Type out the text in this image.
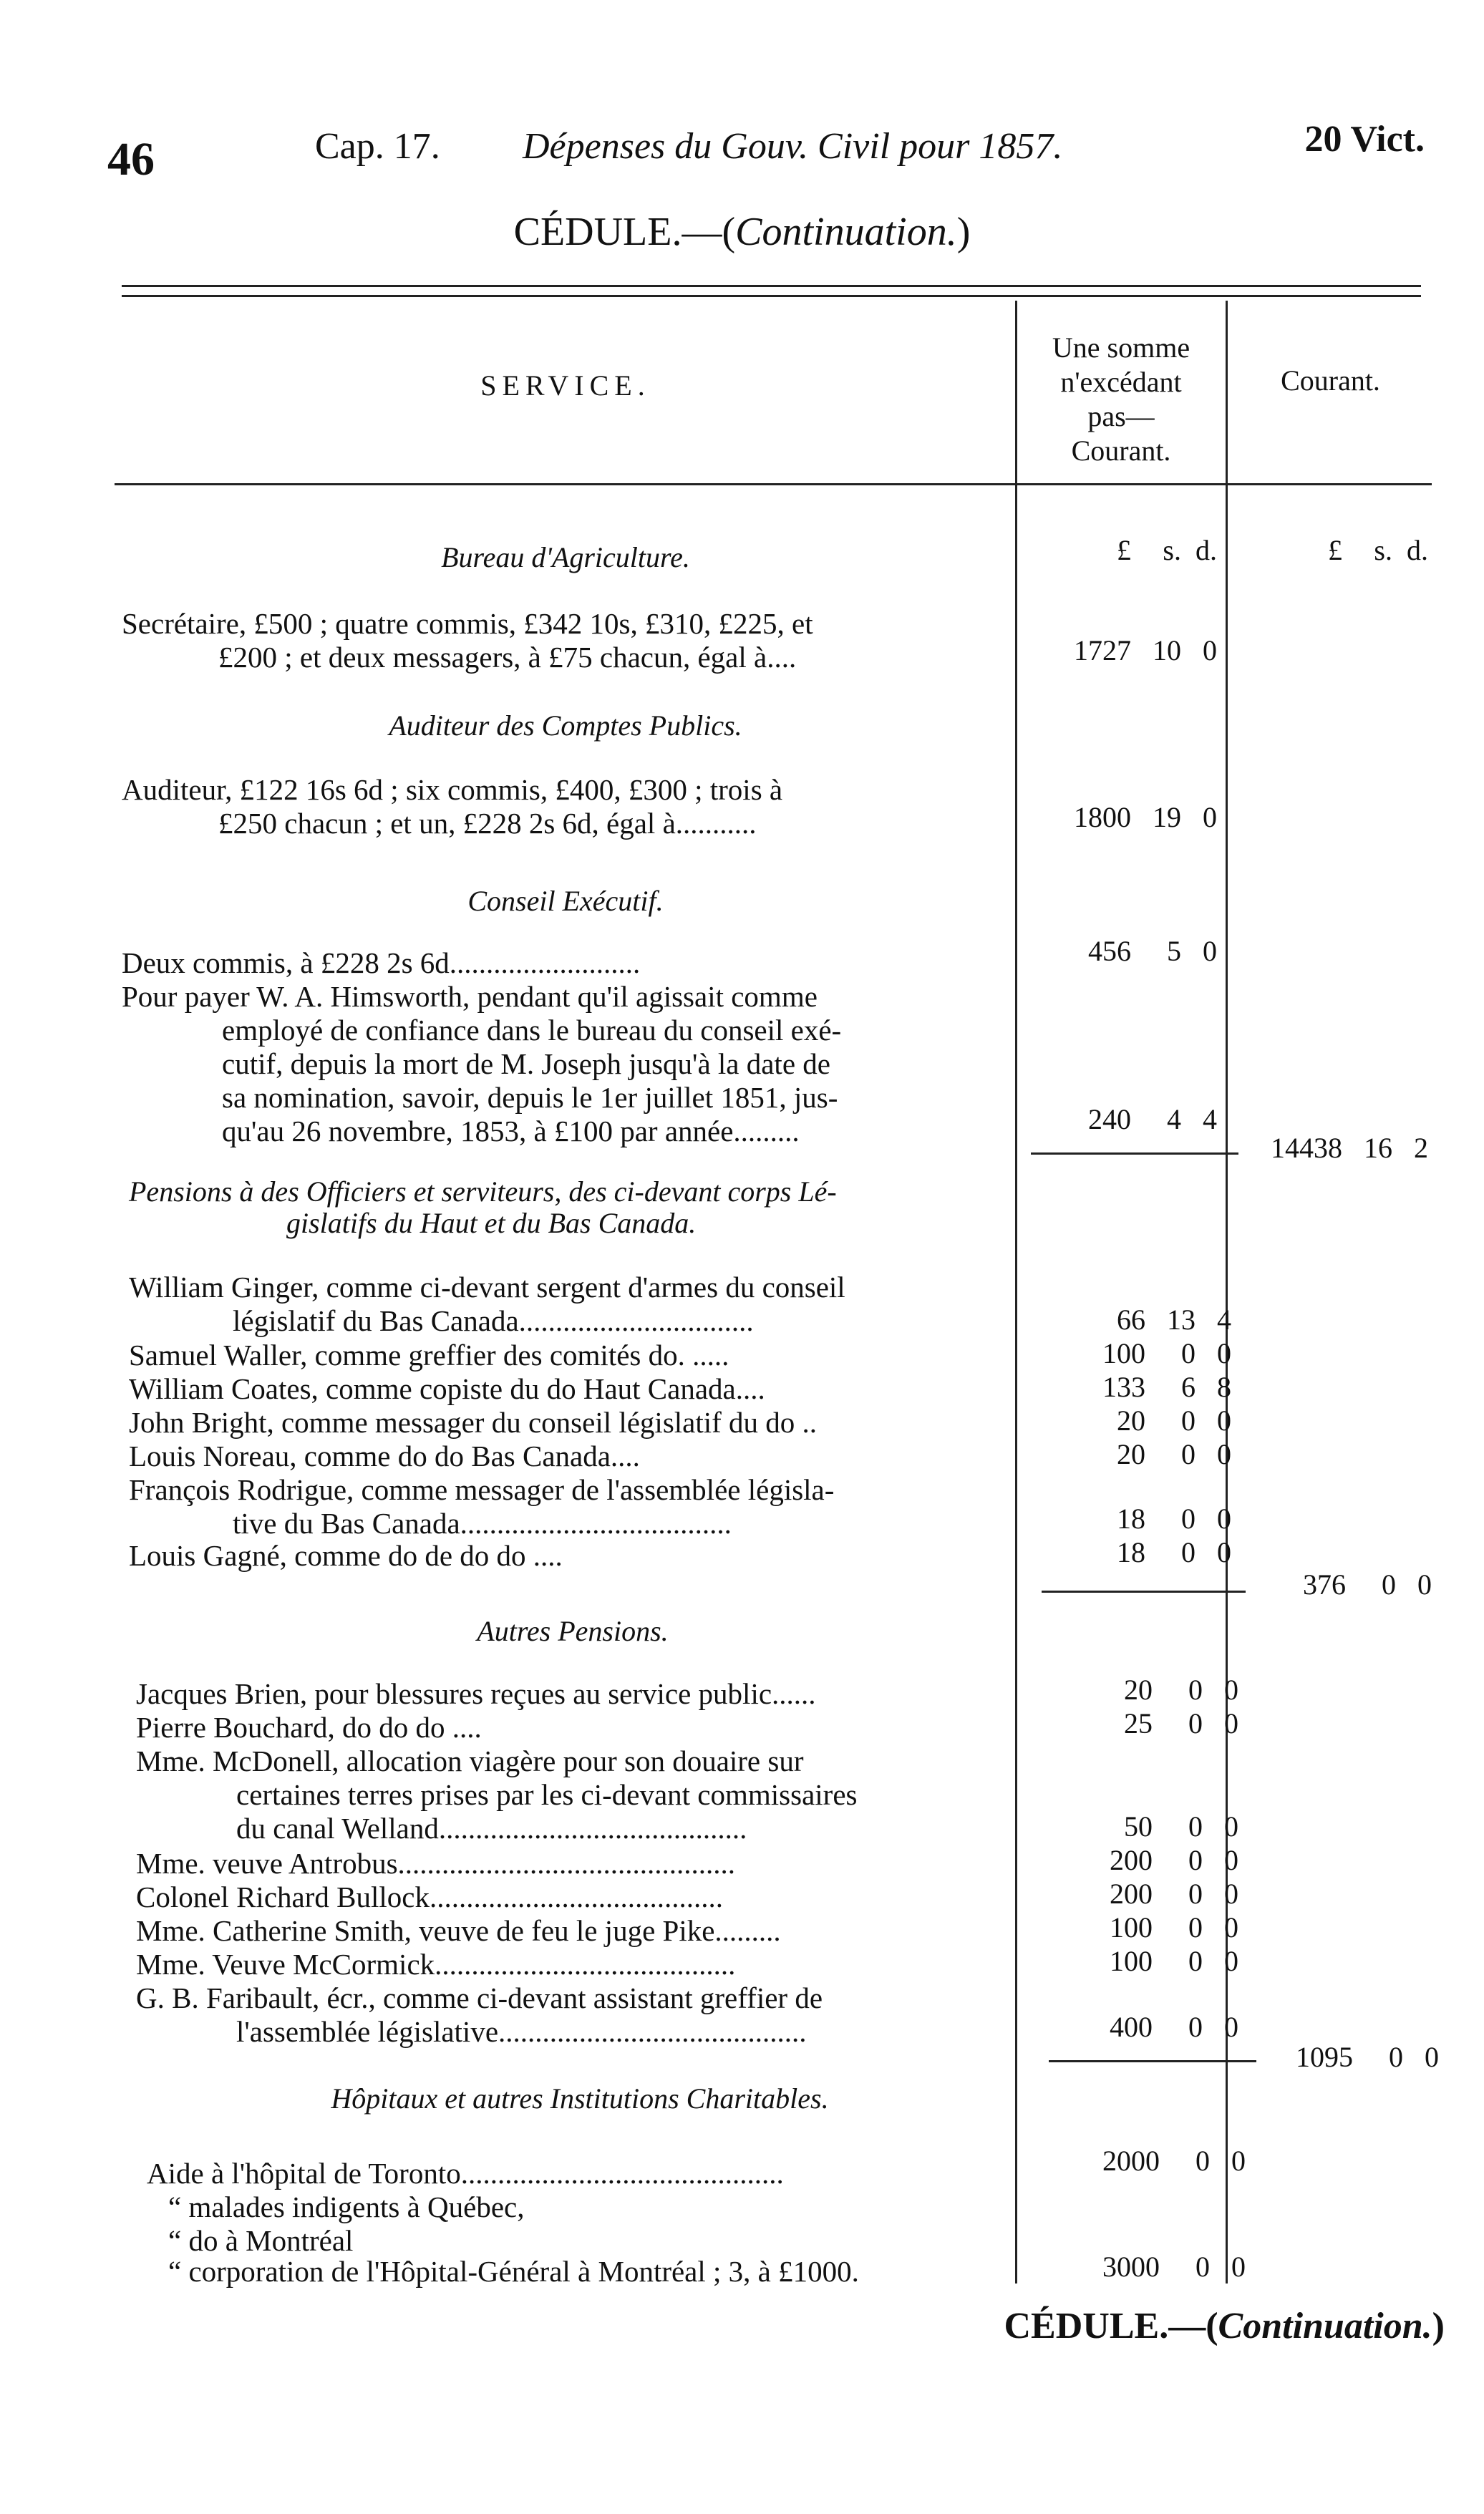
46	Cap. 17. Dépenses du Gouv. Civil pour 1857.	20 Vict.
CÉDULE.—(Continuation.)
SERVICE.
Une somme
n'excédant
pas—
Courant.
Courant.
£	s. d.	£	s. d.
Bureau d'Agriculture.
Secrétaire, £500 ; quatre commis, £342 10s, £310, £225, et
£200 ; et deux messagers, à £75 chacun, égal à....	1727 10 0
Auditeur des Comptes Publics.
Auditeur, £122 16s 6d ; six commis, £400, £300 ; trois à
£250 chacun ; et un, £228 2s 6d, égal à...........	1800 19 0
Conseil Exécutif.
Deux commis, à £228 2s 6d..........................	456	5 0
Pour payer W. A. Himsworth, pendant qu'il agissait comme
employé de confiance dans le bureau du conseil exé-
cutif, depuis la mort de M. Joseph jusqu'à la date de
sa nomination, savoir, depuis le 1er juillet 1851, jus-
qu'au 26 novembre, 1853, à £100 par année.........	240	4 4
14438 16 2
Pensions à des Officiers et serviteurs, des ci-devant corps Lé-
gislatifs du Haut et du Bas Canada.
William Ginger, comme ci-devant sergent d'armes du conseil
législatif du Bas Canada................................	66 13 4
Samuel Waller, comme greffier des comités do. .....	100	0 0
William Coates, comme copiste du do Haut Canada....	133	6 8
John Bright, comme messager du conseil législatif du do ..	20	0 0
Louis Noreau, comme do do Bas Canada....	20	0 0
François Rodrigue, comme messager de l'assemblée législa-
tive du Bas Canada.....................................	18	0 0
Louis Gagné, comme do de do do ....	18	0 0
376	0 0
Autres Pensions.
Jacques Brien, pour blessures reçues au service public......	20	0 0
Pierre Bouchard, do do do ....	25	0 0
Mme. McDonell, allocation viagère pour son douaire sur
certaines terres prises par les ci-devant commissaires
du canal Welland..........................................	50	0 0
Mme. veuve Antrobus..............................................	200	0 0
Colonel Richard Bullock........................................	200	0 0
Mme. Catherine Smith, veuve de feu le juge Pike.........	100	0 0
Mme. Veuve McCormick.........................................	100	0 0
G. B. Faribault, écr., comme ci-devant assistant greffier de
l'assemblée législative..........................................	400	0 0
1095	0 0
Hôpitaux et autres Institutions Charitables.
Aide à l'hôpital de Toronto............................................	2000	0 0
“ malades indigents à Québec,
“ do à Montréal
“ corporation de l'Hôpital-Général à Montréal ; 3, à £1000.	3000	0 0
CÉDULE.—(Continuation.)
